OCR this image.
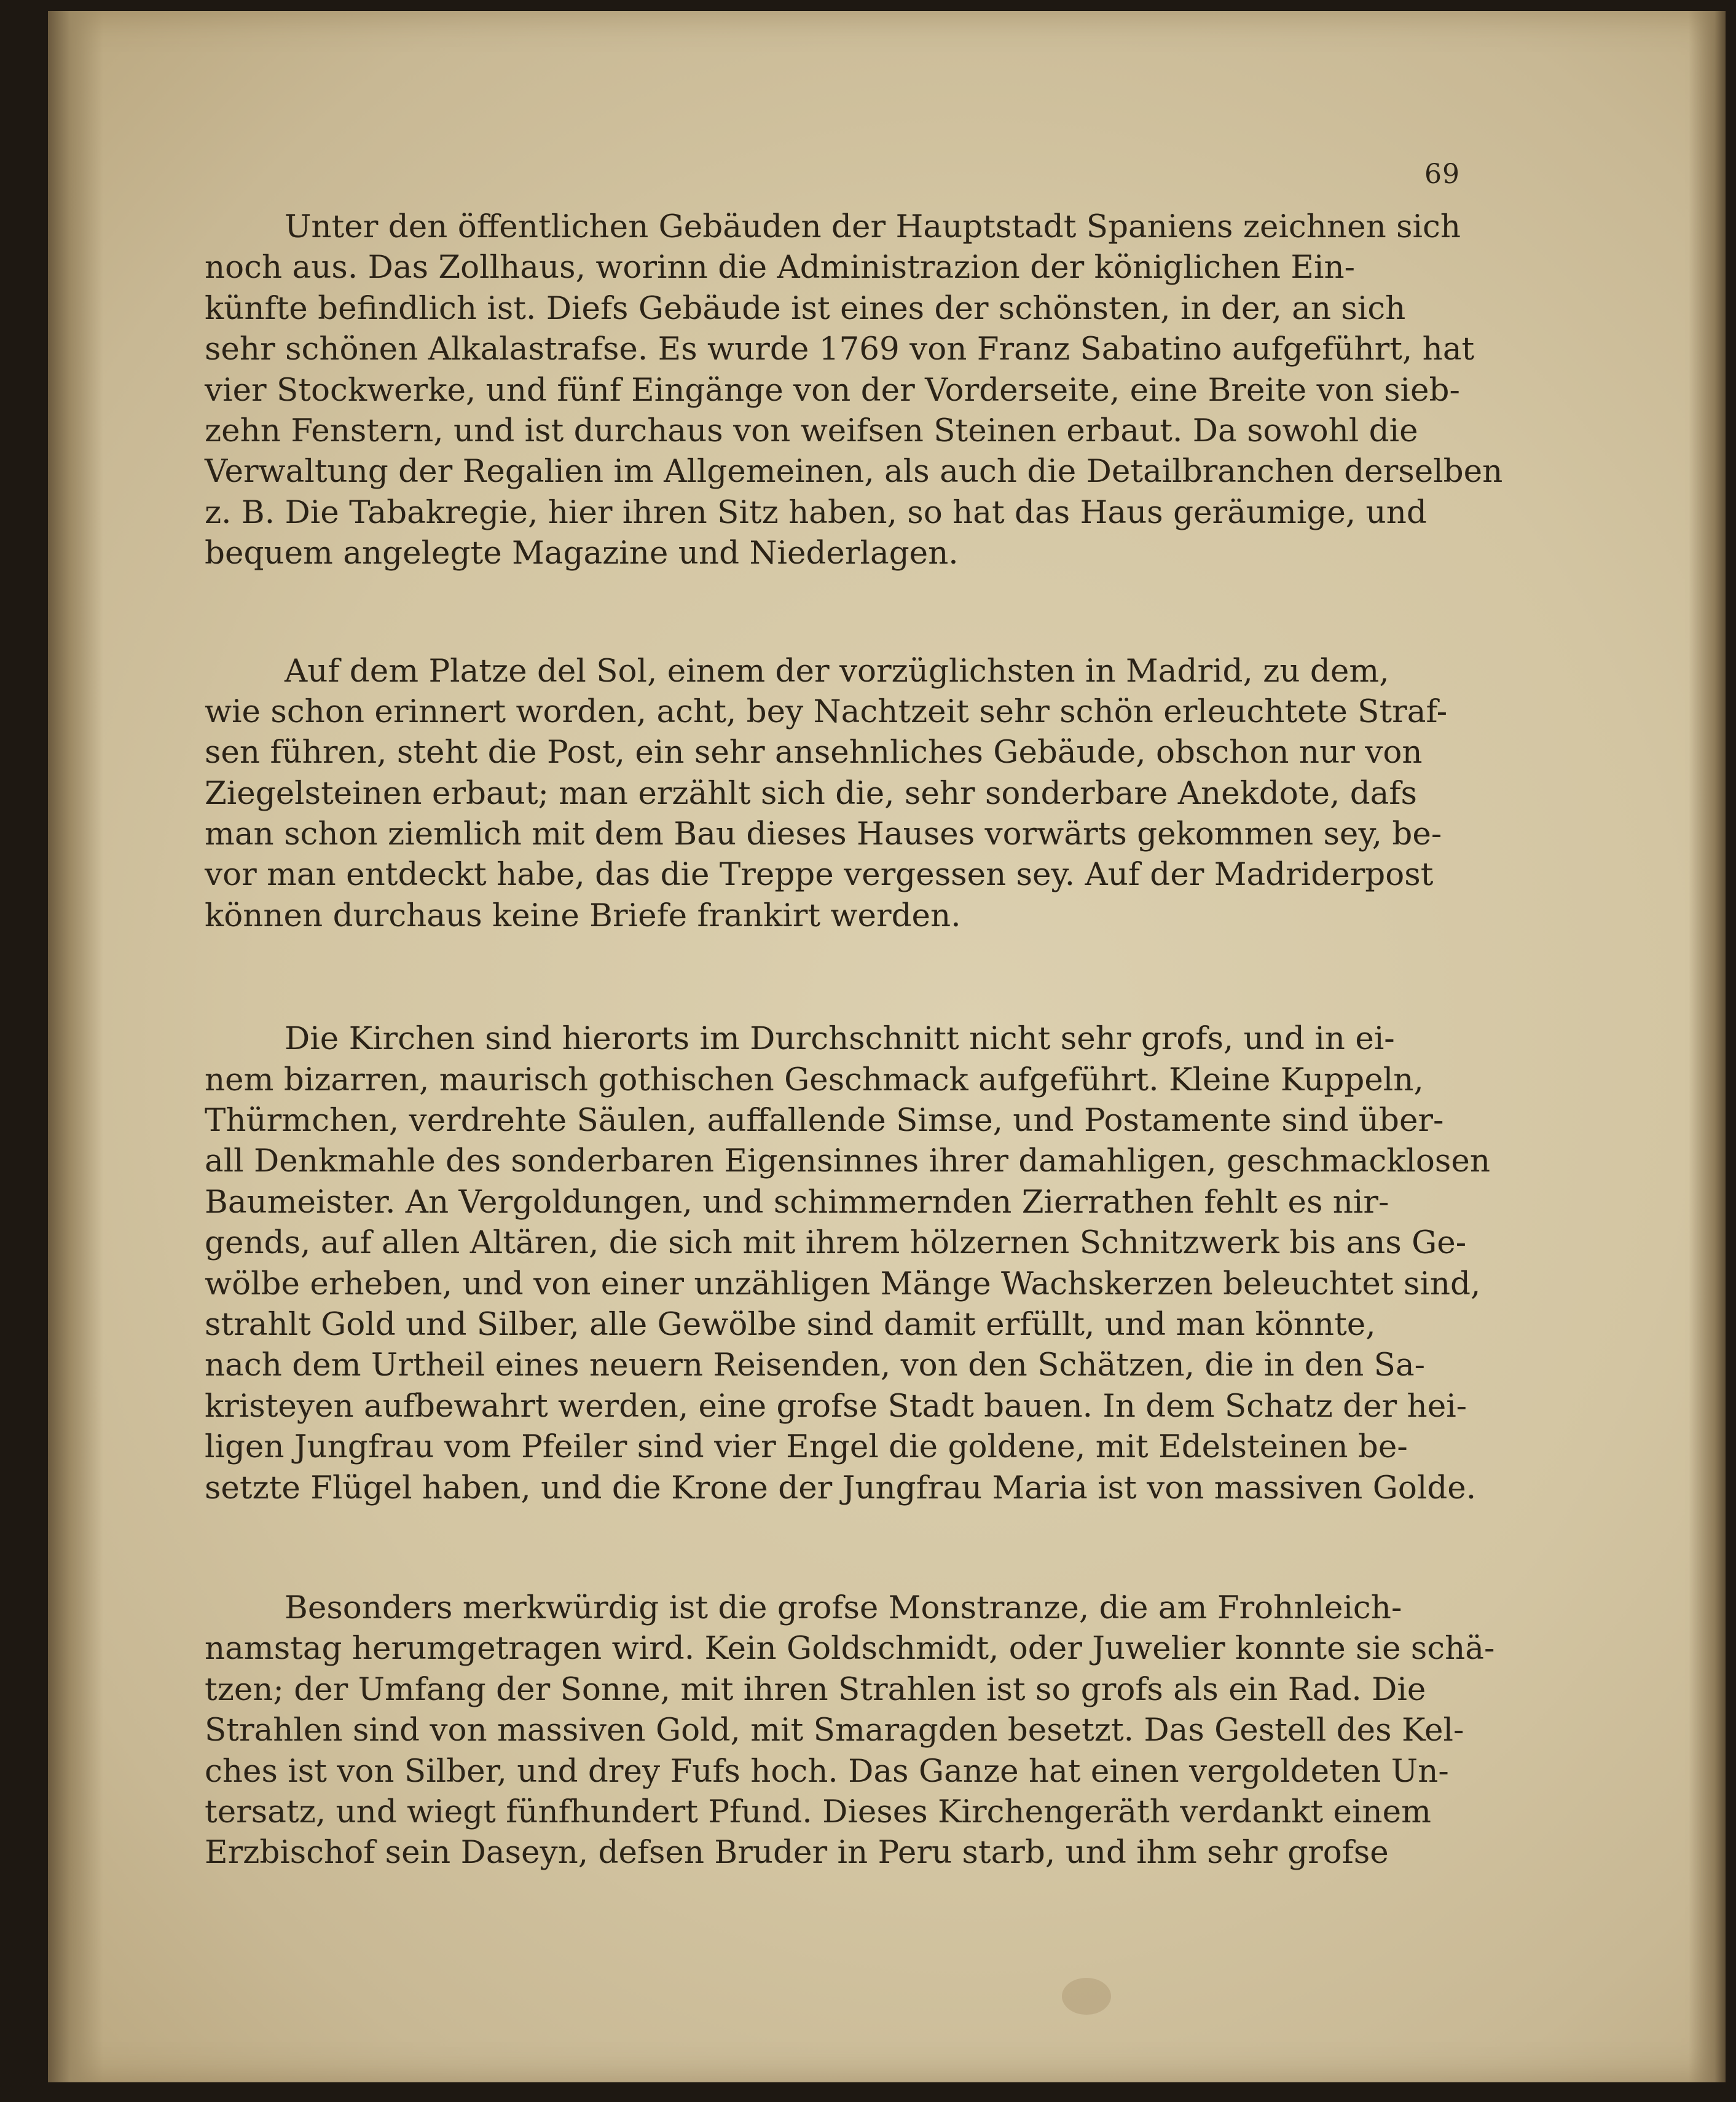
69
Unter den öffentlichen Gebäuden der Hauptstadt Spaniens zeichnen sich
noch aus. Das Zollhaus, worinn die Administrazion der königlichen Ein-
künfte befindlich ist. Diefs Gebäude ist eines der schönsten, in der, an sich
sehr schönen Alkalastrafse. Es wurde 1769 von Franz Sabatino aufgeführt, hat
vier Stockwerke, und fünf Eingänge von der Vorderseite, eine Breite von sieb-
zehn Fenstern, und ist durchaus von weifsen Steinen erbaut. Da sowohl die
Verwaltung der Regalien im Allgemeinen, als auch die Detailbranchen derselben
z. B. Die Tabakregie, hier ihren Sitz haben, so hat das Haus geräumige, und
bequem angelegte Magazine und Niederlagen.
Auf dem Platze del Sol, einem der vorzüglichsten in Madrid, zu dem,
wie schon erinnert worden, acht, bey Nachtzeit sehr schön erleuchtete Straf-
sen führen, steht die Post, ein sehr ansehnliches Gebäude, obschon nur von
Ziegelsteinen erbaut; man erzählt sich die, sehr sonderbare Anekdote, dafs
man schon ziemlich mit dem Bau dieses Hauses vorwärts gekommen sey, be-
vor man entdeckt habe, das die Treppe vergessen sey. Auf der Madriderpost
können durchaus keine Briefe frankirt werden.
Die Kirchen sind hierorts im Durchschnitt nicht sehr grofs, und in ei-
nem bizarren, maurisch gothischen Geschmack aufgeführt. Kleine Kuppeln,
Thürmchen, verdrehte Säulen, auffallende Simse, und Postamente sind über-
all Denkmahle des sonderbaren Eigensinnes ihrer damahligen, geschmacklosen
Baumeister. An Vergoldungen, und schimmernden Zierrathen fehlt es nir-
gends, auf allen Altären, die sich mit ihrem hölzernen Schnitzwerk bis ans Ge-
wölbe erheben, und von einer unzähligen Mänge Wachskerzen beleuchtet sind,
strahlt Gold und Silber, alle Gewölbe sind damit erfüllt, und man könnte,
nach dem Urtheil eines neuern Reisenden, von den Schätzen, die in den Sa-
kristeyen aufbewahrt werden, eine grofse Stadt bauen. In dem Schatz der hei-
ligen Jungfrau vom Pfeiler sind vier Engel die goldene, mit Edelsteinen be-
setzte Flügel haben, und die Krone der Jungfrau Maria ist von massiven Golde.
Besonders merkwürdig ist die grofse Monstranze, die am Frohnleich-
namstag herumgetragen wird. Kein Goldschmidt, oder Juwelier konnte sie schä-
tzen; der Umfang der Sonne, mit ihren Strahlen ist so grofs als ein Rad. Die
Strahlen sind von massiven Gold, mit Smaragden besetzt. Das Gestell des Kel-
ches ist von Silber, und drey Fufs hoch. Das Ganze hat einen vergoldeten Un-
tersatz, und wiegt fünfhundert Pfund. Dieses Kirchengeräth verdankt einem
Erzbischof sein Daseyn, defsen Bruder in Peru starb, und ihm sehr grofse
